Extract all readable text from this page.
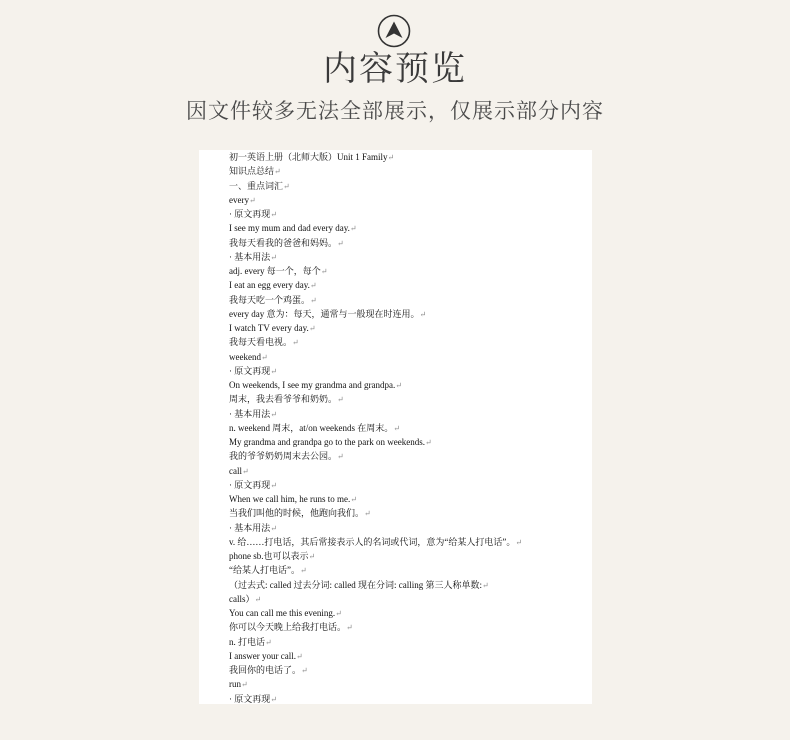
内容预览
因文件较多无法全部展示，仅展示部分内容
初一英语上册（北师大版）Unit 1 Family↵
知识点总结↵
一、重点词汇↵
every↵
· 原文再现↵
I see my mum and dad every day.↵
我每天看我的爸爸和妈妈。↵
· 基本用法↵
adj. every 每一个，每个↵
I eat an egg every day.↵
我每天吃一个鸡蛋。↵
every day 意为：每天，通常与一般现在时连用。↵
I watch TV every day.↵
我每天看电视。↵
weekend↵
· 原文再现↵
On weekends, I see my grandma and grandpa.↵
周末，我去看爷爷和奶奶。↵
· 基本用法↵
n. weekend 周末，at/on weekends 在周末。↵
My grandma and grandpa go to the park on weekends.↵
我的爷爷奶奶周末去公园。↵
call↵
· 原文再现↵
When we call him, he runs to me.↵
当我们叫他的时候，他跑向我们。↵
· 基本用法↵
v. 给……打电话，其后常接表示人的名词或代词，意为“给某人打电话”。↵
phone sb.也可以表示↵
“给某人打电话”。↵
（过去式: called 过去分词: called 现在分词: calling 第三人称单数:↵
calls）↵
You can call me this evening.↵
你可以今天晚上给我打电话。↵
n. 打电话↵
I answer your call.↵
我回你的电话了。↵
run↵
· 原文再现↵
